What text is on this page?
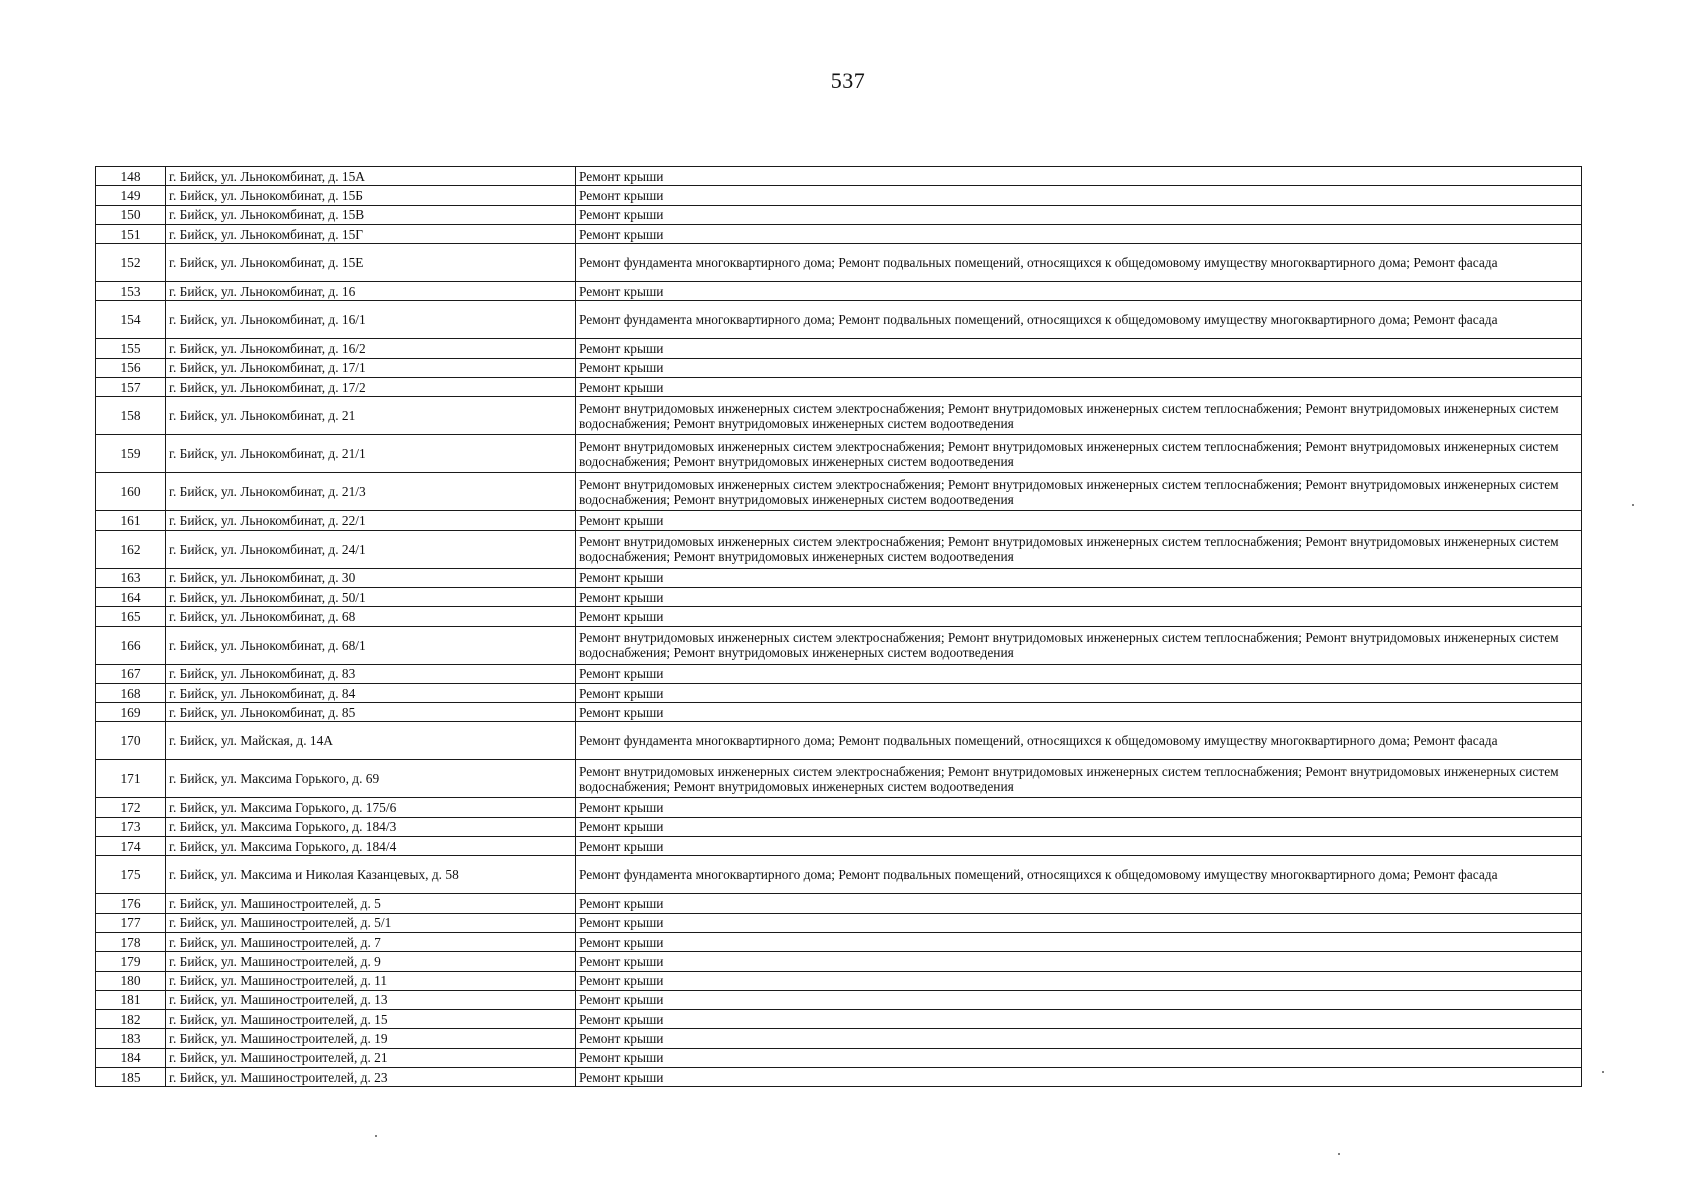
537
148	г. Бийск, ул. Льнокомбинат, д. 15А	Ремонт крыши
149	г. Бийск, ул. Льнокомбинат, д. 15Б	Ремонт крыши
150	г. Бийск, ул. Льнокомбинат, д. 15В	Ремонт крыши
151	г. Бийск, ул. Льнокомбинат, д. 15Г	Ремонт крыши
152	г. Бийск, ул. Льнокомбинат, д. 15Е	Ремонт фундамента многоквартирного дома; Ремонт подвальных помещений, относящихся к общедомовому имуществу многоквартирного дома; Ремонт фасада
153	г. Бийск, ул. Льнокомбинат, д. 16	Ремонт крыши
154	г. Бийск, ул. Льнокомбинат, д. 16/1	Ремонт фундамента многоквартирного дома; Ремонт подвальных помещений, относящихся к общедомовому имуществу многоквартирного дома; Ремонт фасада
155	г. Бийск, ул. Льнокомбинат, д. 16/2	Ремонт крыши
156	г. Бийск, ул. Льнокомбинат, д. 17/1	Ремонт крыши
157	г. Бийск, ул. Льнокомбинат, д. 17/2	Ремонт крыши
158	г. Бийск, ул. Льнокомбинат, д. 21	Ремонт внутридомовых инженерных систем электроснабжения; Ремонт внутридомовых инженерных систем теплоснабжения; Ремонт внутридомовых инженерных систем водоснабжения; Ремонт внутридомовых инженерных систем водоотведения
159	г. Бийск, ул. Льнокомбинат, д. 21/1	Ремонт внутридомовых инженерных систем электроснабжения; Ремонт внутридомовых инженерных систем теплоснабжения; Ремонт внутридомовых инженерных систем водоснабжения; Ремонт внутридомовых инженерных систем водоотведения
160	г. Бийск, ул. Льнокомбинат, д. 21/3	Ремонт внутридомовых инженерных систем электроснабжения; Ремонт внутридомовых инженерных систем теплоснабжения; Ремонт внутридомовых инженерных систем водоснабжения; Ремонт внутридомовых инженерных систем водоотведения
161	г. Бийск, ул. Льнокомбинат, д. 22/1	Ремонт крыши
162	г. Бийск, ул. Льнокомбинат, д. 24/1	Ремонт внутридомовых инженерных систем электроснабжения; Ремонт внутридомовых инженерных систем теплоснабжения; Ремонт внутридомовых инженерных систем водоснабжения; Ремонт внутридомовых инженерных систем водоотведения
163	г. Бийск, ул. Льнокомбинат, д. 30	Ремонт крыши
164	г. Бийск, ул. Льнокомбинат, д. 50/1	Ремонт крыши
165	г. Бийск, ул. Льнокомбинат, д. 68	Ремонт крыши
166	г. Бийск, ул. Льнокомбинат, д. 68/1	Ремонт внутридомовых инженерных систем электроснабжения; Ремонт внутридомовых инженерных систем теплоснабжения; Ремонт внутридомовых инженерных систем водоснабжения; Ремонт внутридомовых инженерных систем водоотведения
167	г. Бийск, ул. Льнокомбинат, д. 83	Ремонт крыши
168	г. Бийск, ул. Льнокомбинат, д. 84	Ремонт крыши
169	г. Бийск, ул. Льнокомбинат, д. 85	Ремонт крыши
170	г. Бийск, ул. Майская, д. 14А	Ремонт фундамента многоквартирного дома; Ремонт подвальных помещений, относящихся к общедомовому имуществу многоквартирного дома; Ремонт фасада
171	г. Бийск, ул. Максима Горького, д. 69	Ремонт внутридомовых инженерных систем электроснабжения; Ремонт внутридомовых инженерных систем теплоснабжения; Ремонт внутридомовых инженерных систем водоснабжения; Ремонт внутридомовых инженерных систем водоотведения
172	г. Бийск, ул. Максима Горького, д. 175/6	Ремонт крыши
173	г. Бийск, ул. Максима Горького, д. 184/3	Ремонт крыши
174	г. Бийск, ул. Максима Горького, д. 184/4	Ремонт крыши
175	г. Бийск, ул. Максима и Николая Казанцевых, д. 58	Ремонт фундамента многоквартирного дома; Ремонт подвальных помещений, относящихся к общедомовому имуществу многоквартирного дома; Ремонт фасада
176	г. Бийск, ул. Машиностроителей, д. 5	Ремонт крыши
177	г. Бийск, ул. Машиностроителей, д. 5/1	Ремонт крыши
178	г. Бийск, ул. Машиностроителей, д. 7	Ремонт крыши
179	г. Бийск, ул. Машиностроителей, д. 9	Ремонт крыши
180	г. Бийск, ул. Машиностроителей, д. 11	Ремонт крыши
181	г. Бийск, ул. Машиностроителей, д. 13	Ремонт крыши
182	г. Бийск, ул. Машиностроителей, д. 15	Ремонт крыши
183	г. Бийск, ул. Машиностроителей, д. 19	Ремонт крыши
184	г. Бийск, ул. Машиностроителей, д. 21	Ремонт крыши
185	г. Бийск, ул. Машиностроителей, д. 23	Ремонт крыши
